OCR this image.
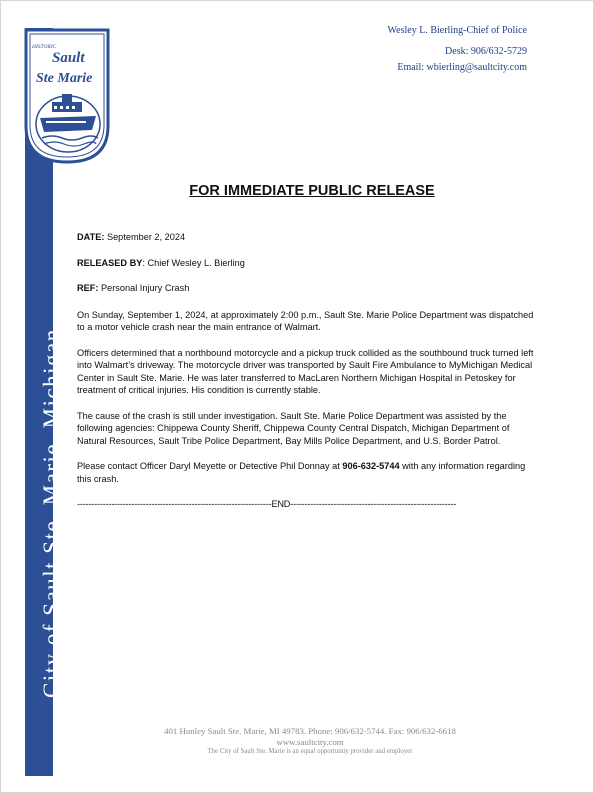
City of Sault Ste. Marie, Michigan
HISTORIC
Sault
Ste Marie
Wesley L. Bierling-Chief of Police
Desk: 906/632-5729
Email: wbierling@saultcity.com
FOR IMMEDIATE PUBLIC RELEASE

DATE: September 2, 2024

RELEASED BY: Chief Wesley L. Bierling

REF: Personal Injury Crash

On Sunday, September 1, 2024, at approximately 2:00 p.m., Sault Ste. Marie Police Department was dispatched to a motor vehicle crash near the main entrance of Walmart.

Officers determined that a northbound motorcycle and a pickup truck collided as the southbound truck turned left into Walmart’s driveway. The motorcycle driver was transported by Sault Fire Ambulance to MyMichigan Medical Center in Sault Ste. Marie. He was later transferred to MacLaren Northern Michigan Hospital in Petoskey for treatment of critical injuries. His condition is currently stable.

The cause of the crash is still under investigation. Sault Ste. Marie Police Department was assisted by the following agencies: Chippewa County Sheriff, Chippewa County Central Dispatch, Michigan Department of Natural Resources, Sault Tribe Police Department, Bay Mills Police Department, and U.S. Border Patrol.

Please contact Officer Daryl Meyette or Detective Phil Donnay at 906-632-5744 with any information regarding this crash.

--------------------------------------------------------------------END----------------------------------------------------------

401 Hunley Sault Ste. Marie, MI 49783. Phone: 906/632-5744. Fax: 906/632-6618
www.saultcity.com
The City of Sault Ste. Marie is an equal opportunity provider and employer
